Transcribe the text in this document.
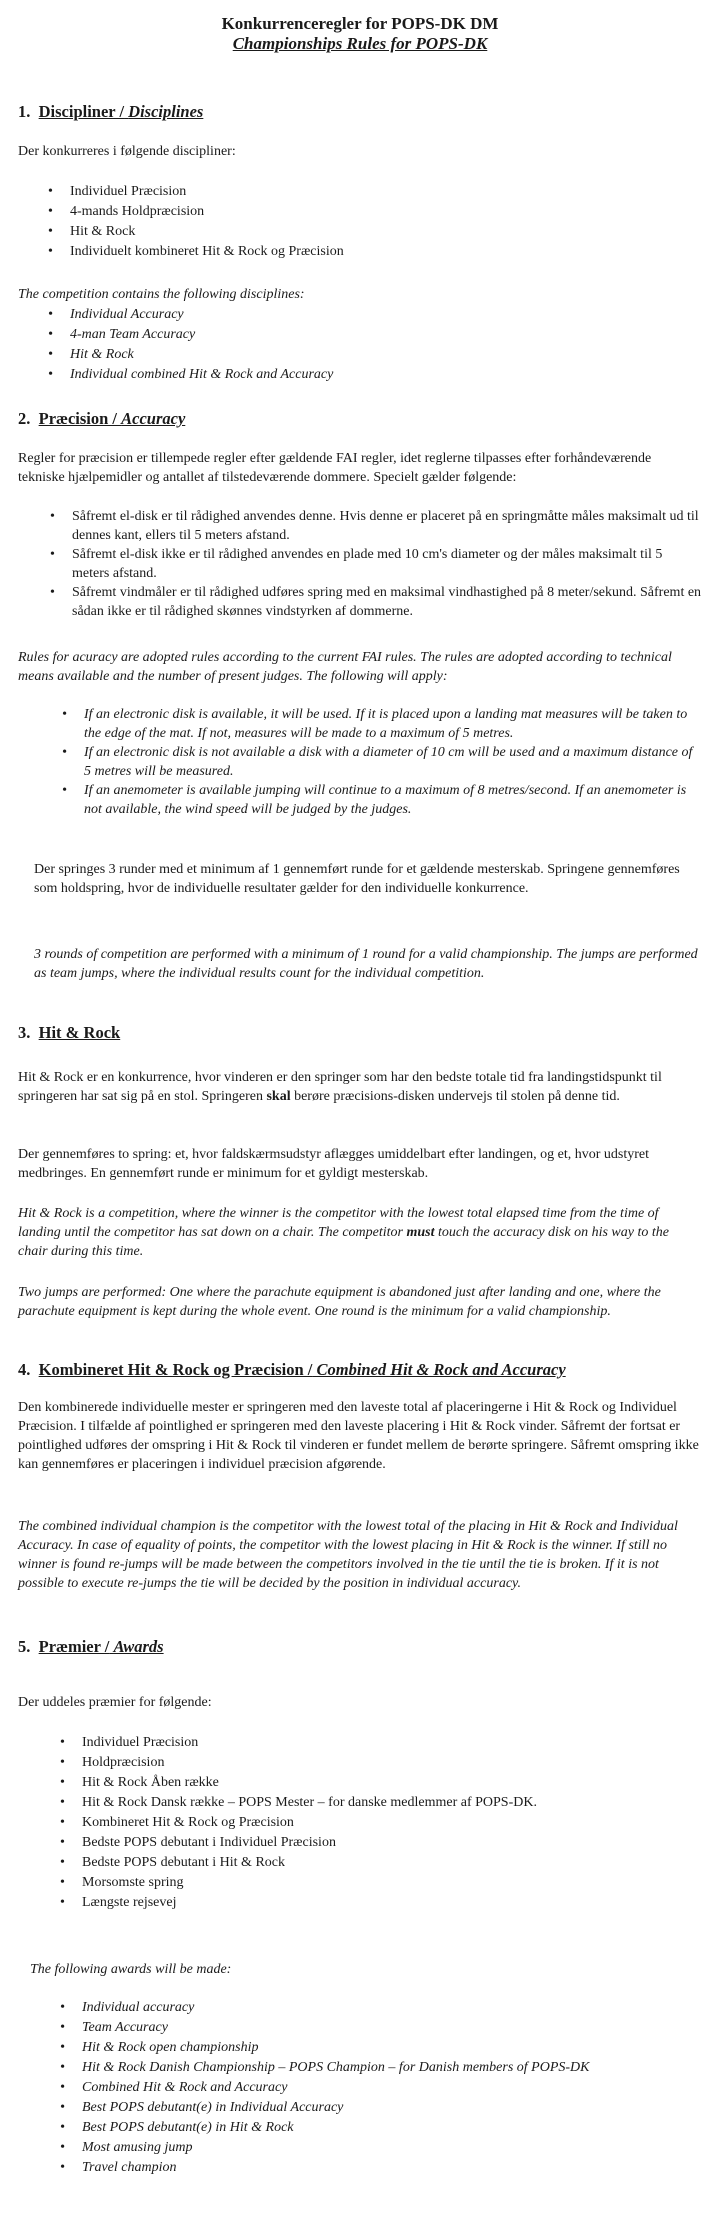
Konkurrenceregler for POPS-DK DM
Championships Rules for POPS-DK
1. Discipliner / Disciplines

Der konkurreres i følgende discipliner:

• Individuel Præcision
• 4-mands Holdpræcision
• Hit & Rock
• Individuelt kombineret Hit & Rock og Præcision

The competition contains the following disciplines:

• Individual Accuracy
• 4-man Team Accuracy
• Hit & Rock
• Individual combined Hit & Rock and Accuracy
2. Præcision / Accuracy

Regler for præcision er tillempede regler efter gældende FAI regler, idet reglerne tilpasses efter forhåndeværende tekniske hjælpemidler og antallet af tilstedeværende dommere. Specielt gælder følgende:

• Såfremt el-disk er til rådighed anvendes denne. Hvis denne er placeret på en springmåtte måles maksimalt ud til dennes kant, ellers til 5 meters afstand.
• Såfremt el-disk ikke er til rådighed anvendes en plade med 10 cm's diameter og der måles maksimalt til 5 meters afstand.
• Såfremt vindmåler er til rådighed udføres spring med en maksimal vindhastighed på 8 meter/sekund. Såfremt en sådan ikke er til rådighed skønnes vindstyrken af dommerne.

Rules for acuracy are adopted rules according to the current FAI rules. The rules are adopted according to technical means available and the number of present judges. The following will apply:

• If an electronic disk is available, it will be used. If it is placed upon a landing mat measures will be taken to the edge of the mat. If not, measures will be made to a maximum of 5 metres.
• If an electronic disk is not available a disk with a diameter of 10 cm will be used and a maximum distance of 5 metres will be measured.
• If an anemometer is available jumping will continue to a maximum of 8 metres/second. If an anemometer is not available, the wind speed will be judged by the judges.

Der springes 3 runder med et minimum af 1 gennemført runde for et gældende mesterskab. Springene gennemføres som holdspring, hvor de individuelle resultater gælder for den individuelle konkurrence.

3 rounds of competition are performed with a minimum of 1 round for a valid championship. The jumps are performed as team jumps, where the individual results count for the individual competition.

3. Hit & Rock

Hit & Rock er en konkurrence, hvor vinderen er den springer som har den bedste totale tid fra landingstidspunkt til springeren har sat sig på en stol. Springeren skal berøre præcisions-disken undervejs til stolen på denne tid.

Der gennemføres to spring: et, hvor faldskærmsudstyr aflægges umiddelbart efter landingen, og et, hvor udstyret medbringes. En gennemført runde er minimum for et gyldigt mesterskab.

Hit & Rock is a competition, where the winner is the competitor with the lowest total elapsed time from the time of landing until the competitor has sat down on a chair. The competitor must touch the accuracy disk on his way to the chair during this time.

Two jumps are performed: One where the parachute equipment is abandoned just after landing and one, where the parachute equipment is kept during the whole event. One round is the minimum for a valid championship.

4. Kombineret Hit & Rock og Præcision / Combined Hit & Rock and Accuracy

Den kombinerede individuelle mester er springeren med den laveste total af placeringerne i Hit & Rock og Individuel Præcision. I tilfælde af pointlighed er springeren med den laveste placering i Hit & Rock vinder. Såfremt der fortsat er pointlighed udføres der omspring i Hit & Rock til vinderen er fundet mellem de berørte springere. Såfremt omspring ikke kan gennemføres er placeringen i individuel præcision afgørende.

The combined individual champion is the competitor with the lowest total of the placing in Hit & Rock and Individual Accuracy. In case of equality of points, the competitor with the lowest placing in Hit & Rock is the winner. If still no winner is found re-jumps will be made between the competitors involved in the tie until the tie is broken. If it is not possible to execute re-jumps the tie will be decided by the position in individual accuracy.

5. Præmier / Awards

Der uddeles præmier for følgende:

• Individuel Præcision
• Holdpræcision
• Hit & Rock Åben række
• Hit & Rock Dansk række – POPS Mester – for danske medlemmer af POPS-DK.
• Kombineret Hit & Rock og Præcision
• Bedste POPS debutant i Individuel Præcision
• Bedste POPS debutant i Hit & Rock
• Morsomste spring
• Længste rejsevej

The following awards will be made:

• Individual accuracy
• Team Accuracy
• Hit & Rock open championship
• Hit & Rock Danish Championship – POPS Champion – for Danish members of POPS-DK
• Combined Hit & Rock and Accuracy
• Best POPS debutant(e) in Individual Accuracy
• Best POPS debutant(e) in Hit & Rock
• Most amusing jump
• Travel champion
